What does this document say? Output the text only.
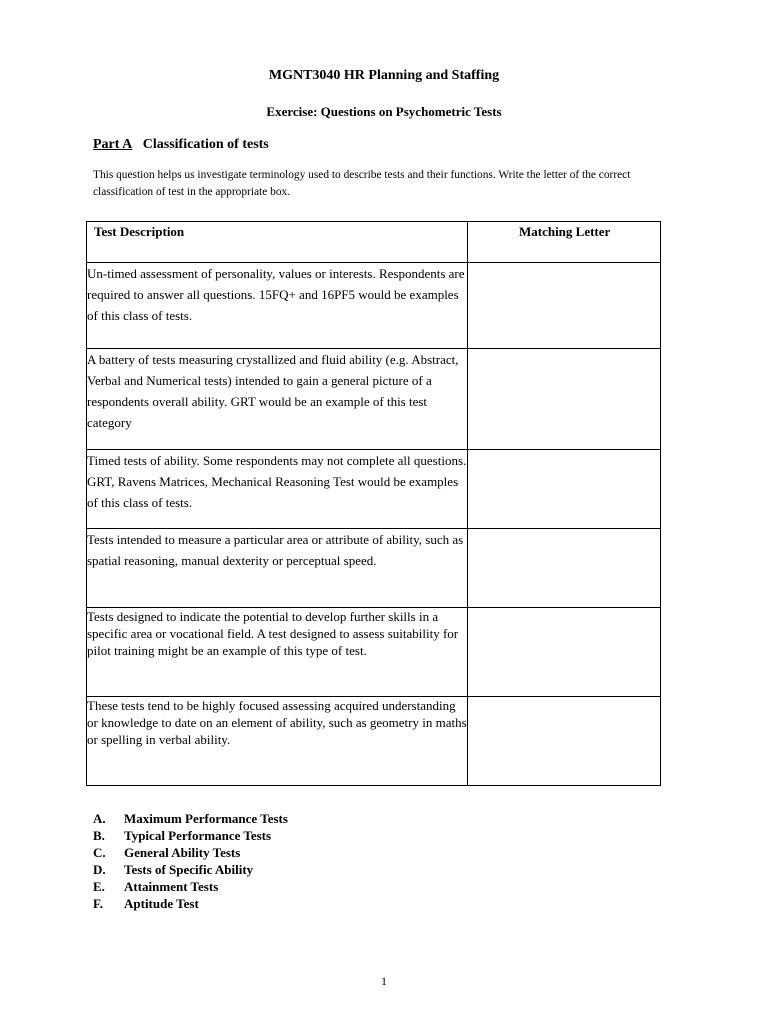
MGNT3040 HR Planning and Staffing
Exercise: Questions on Psychometric Tests
Part A Classification of tests
This question helps us investigate terminology used to describe tests and their functions. Write the letter of the correct classification of test in the appropriate box.
Test Description	Matching Letter
Un-timed assessment of personality, values or interests. Respondents are required to answer all questions. 15FQ+ and 16PF5 would be examples of this class of tests.	
A battery of tests measuring crystallized and fluid ability (e.g. Abstract, Verbal and Numerical tests) intended to gain a general picture of a respondents overall ability. GRT would be an example of this test category	
Timed tests of ability. Some respondents may not complete all questions. GRT, Ravens Matrices, Mechanical Reasoning Test would be examples of this class of tests.	
Tests intended to measure a particular area or attribute of ability, such as spatial reasoning, manual dexterity or perceptual speed.	
Tests designed to indicate the potential to develop further skills in a specific area or vocational field. A test designed to assess suitability for pilot training might be an example of this type of test.	
These tests tend to be highly focused assessing acquired understanding or knowledge to date on an element of ability, such as geometry in maths or spelling in verbal ability.	
A.	Maximum Performance Tests
B.	Typical Performance Tests
C.	General Ability Tests
D.	Tests of Specific Ability
E.	Attainment Tests
F.	Aptitude Test
1
